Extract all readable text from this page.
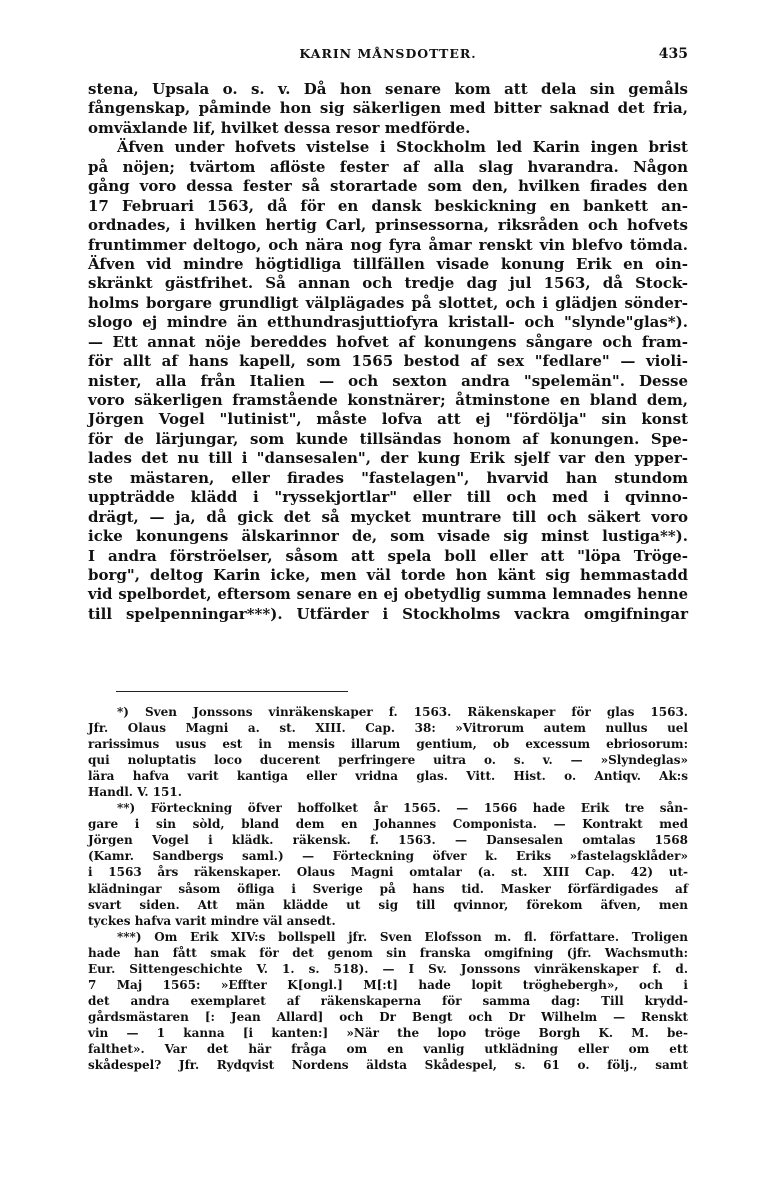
KARIN MÅNSDOTTER.	435
stena, Upsala o. s. v. Då hon senare kom att dela sin gemåls
fångenskap, påminde hon sig säkerligen med bitter saknad det fria,
omväxlande lif, hvilket dessa resor medförde.
Äfven under hofvets vistelse i Stockholm led Karin ingen brist
på nöjen; tvärtom aflöste fester af alla slag hvarandra. Någon
gång voro dessa fester så storartade som den, hvilken firades den
17 Februari 1563, då för en dansk beskickning en bankett an-
ordnades, i hvilken hertig Carl, prinsessorna, riksråden och hofvets
fruntimmer deltogo, och nära nog fyra åmar renskt vin blefvo tömda.
Äfven vid mindre högtidliga tillfällen visade konung Erik en oin-
skränkt gästfrihet. Så annan och tredje dag jul 1563, då Stock-
holms borgare grundligt välplägades på slottet, och i glädjen sönder-
slogo ej mindre än etthundrasjuttiofyra kristall- och "slynde"glas*).
— Ett annat nöje bereddes hofvet af konungens sångare och fram-
för allt af hans kapell, som 1565 bestod af sex "fedlare" — violi-
nister, alla från Italien — och sexton andra "spelemän". Desse
voro säkerligen framstående konstnärer; åtminstone en bland dem,
Jörgen Vogel "lutinist", måste lofva att ej "fördölja" sin konst
för de lärjungar, som kunde tillsändas honom af konungen. Spe-
lades det nu till i "dansesalen", der kung Erik sjelf var den ypper-
ste mästaren, eller firades "fastelagen", hvarvid han stundom
uppträdde klädd i "ryssekjortlar" eller till och med i qvinno-
drägt, — ja, då gick det så mycket muntrare till och säkert voro
icke konungens älskarinnor de, som visade sig minst lustiga**).
I andra förströelser, såsom att spela boll eller att "löpa Tröge-
borg", deltog Karin icke, men väl torde hon känt sig hemmastadd
vid spelbordet, eftersom senare en ej obetydlig summa lemnades henne
till spelpenningar***). Utfärder i Stockholms vackra omgifningar
*) Sven Jonssons vinräkenskaper f. 1563. Räkenskaper för glas 1563.
Jfr. Olaus Magni a. st. XIII. Cap. 38: »Vitrorum autem nullus uel
rarissimus usus est in mensis illarum gentium, ob excessum ebriosorum:
qui noluptatis loco ducerent perfringere uitra o. s. v. — »Slyndeglas»
lära hafva varit kantiga eller vridna glas. Vitt. Hist. o. Antiqv. Ak:s
Handl. V. 151.
**) Förteckning öfver hoffolket år 1565. — 1566 hade Erik tre sån-
gare i sin sòld, bland dem en Johannes Componista. — Kontrakt med
Jörgen Vogel i klädk. räkensk. f. 1563. — Dansesalen omtalas 1568
(Kamr. Sandbergs saml.) — Förteckning öfver k. Eriks »fastelagsklåder»
i 1563 års räkenskaper. Olaus Magni omtalar (a. st. XIII Cap. 42) ut-
klädningar såsom öfliga i Sverige på hans tid. Masker förfärdigades af
svart siden. Att män klädde ut sig till qvinnor, förekom äfven, men
tyckes hafva varit mindre väl ansedt.
***) Om Erik XIV:s bollspell jfr. Sven Elofsson m. fl. författare. Troligen
hade han fått smak för det genom sin franska omgifning (jfr. Wachsmuth:
Eur. Sittengeschichte V. 1. s. 518). — I Sv. Jonssons vinräkenskaper f. d.
7 Maj 1565: »Effter K[ongl.] M[:t] hade lopit tröghebergh», och i
det andra exemplaret af räkenskaperna för samma dag: Till krydd-
gårdsmästaren [: Jean Allard] och Dr Bengt och Dr Wilhelm — Renskt
vin — 1 kanna [i kanten:] »När the lopo tröge Borgh K. M. be-
falthet». Var det här fråga om en vanlig utklädning eller om ett
skådespel? Jfr. Rydqvist Nordens äldsta Skådespel, s. 61 o. följ., samt
